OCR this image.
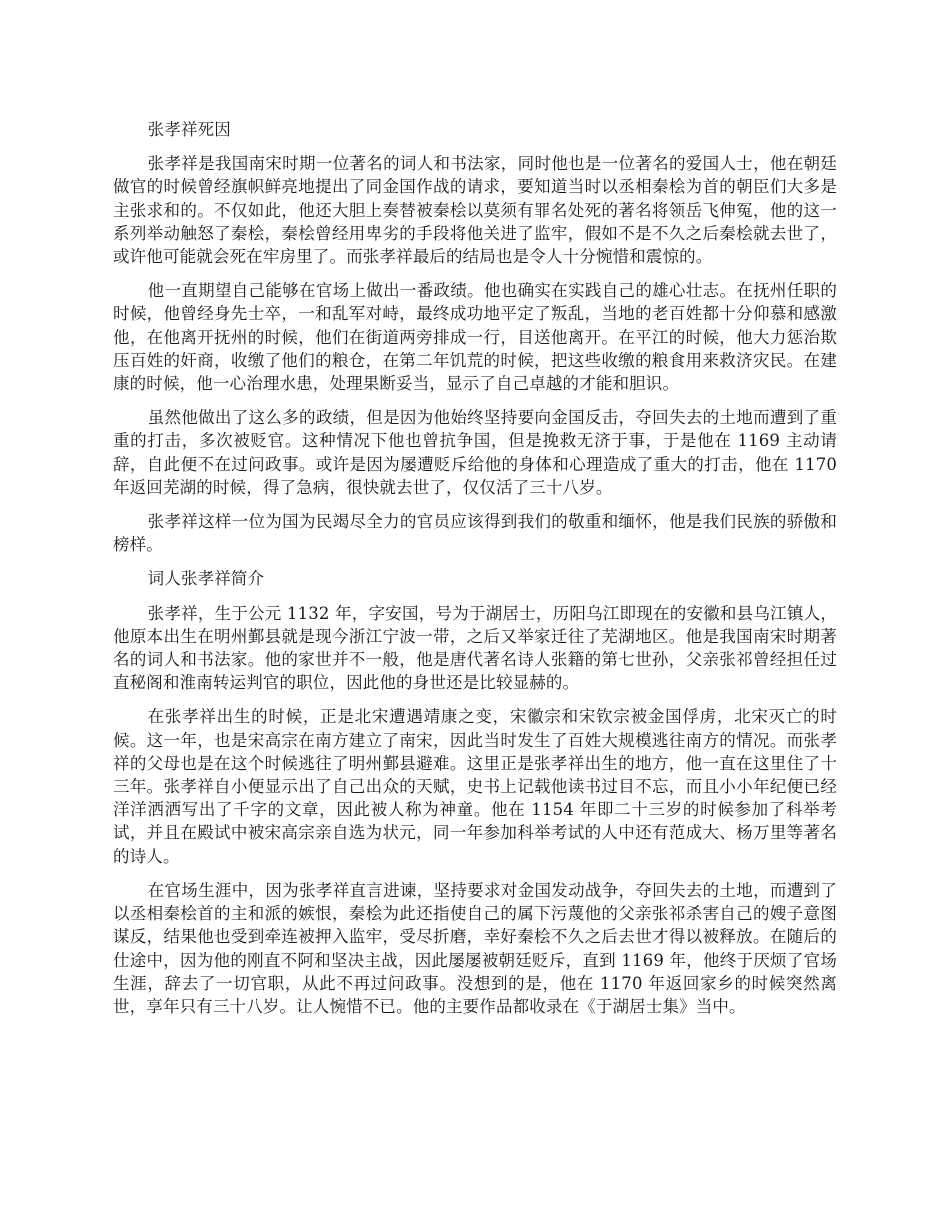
张孝祥死因

张孝祥是我国南宋时期一位著名的词人和书法家，同时他也是一位著名的爱国人士，他在朝廷做官的时候曾经旗帜鲜亮地提出了同金国作战的请求，要知道当时以丞相秦桧为首的朝臣们大多是主张求和的。不仅如此，他还大胆上奏替被秦桧以莫须有罪名处死的著名将领岳飞伸冤，他的这一系列举动触怒了秦桧，秦桧曾经用卑劣的手段将他关进了监牢，假如不是不久之后秦桧就去世了，或许他可能就会死在牢房里了。而张孝祥最后的结局也是令人十分惋惜和震惊的。

他一直期望自己能够在官场上做出一番政绩。他也确实在实践自己的雄心壮志。在抚州任职的时候，他曾经身先士卒，一和乱军对峙，最终成功地平定了叛乱，当地的老百姓都十分仰慕和感激他，在他离开抚州的时候，他们在街道两旁排成一行，目送他离开。在平江的时候，他大力惩治欺压百姓的奸商，收缴了他们的粮仓，在第二年饥荒的时候，把这些收缴的粮食用来救济灾民。在建康的时候，他一心治理水患，处理果断妥当，显示了自己卓越的才能和胆识。

虽然他做出了这么多的政绩，但是因为他始终坚持要向金国反击，夺回失去的土地而遭到了重重的打击，多次被贬官。这种情况下他也曾抗争国，但是挽救无济于事，于是他在 1169 主动请辞，自此便不在过问政事。或许是因为屡遭贬斥给他的身体和心理造成了重大的打击，他在 1170 年返回芜湖的时候，得了急病，很快就去世了，仅仅活了三十八岁。

张孝祥这样一位为国为民竭尽全力的官员应该得到我们的敬重和缅怀，他是我们民族的骄傲和榜样。

词人张孝祥简介

张孝祥，生于公元 1132 年，字安国，号为于湖居士，历阳乌江即现在的安徽和县乌江镇人，他原本出生在明州鄞县就是现今浙江宁波一带，之后又举家迁往了芜湖地区。他是我国南宋时期著名的词人和书法家。他的家世并不一般，他是唐代著名诗人张籍的第七世孙，父亲张祁曾经担任过直秘阁和淮南转运判官的职位，因此他的身世还是比较显赫的。

在张孝祥出生的时候，正是北宋遭遇靖康之变，宋徽宗和宋钦宗被金国俘虏，北宋灭亡的时候。这一年，也是宋高宗在南方建立了南宋，因此当时发生了百姓大规模逃往南方的情况。而张孝祥的父母也是在这个时候逃往了明州鄞县避难。这里正是张孝祥出生的地方，他一直在这里住了十三年。张孝祥自小便显示出了自己出众的天赋，史书上记载他读书过目不忘，而且小小年纪便已经洋洋洒洒写出了千字的文章，因此被人称为神童。他在 1154 年即二十三岁的时候参加了科举考试，并且在殿试中被宋高宗亲自选为状元，同一年参加科举考试的人中还有范成大、杨万里等著名的诗人。

在官场生涯中，因为张孝祥直言进谏，坚持要求对金国发动战争，夺回失去的土地，而遭到了以丞相秦桧首的主和派的嫉恨，秦桧为此还指使自己的属下污蔑他的父亲张祁杀害自己的嫂子意图谋反，结果他也受到牵连被押入监牢，受尽折磨，幸好秦桧不久之后去世才得以被释放。在随后的仕途中，因为他的刚直不阿和坚决主战，因此屡屡被朝廷贬斥，直到 1169 年，他终于厌烦了官场生涯，辞去了一切官职，从此不再过问政事。没想到的是，他在 1170 年返回家乡的时候突然离世，享年只有三十八岁。让人惋惜不已。他的主要作品都收录在《于湖居士集》当中。
